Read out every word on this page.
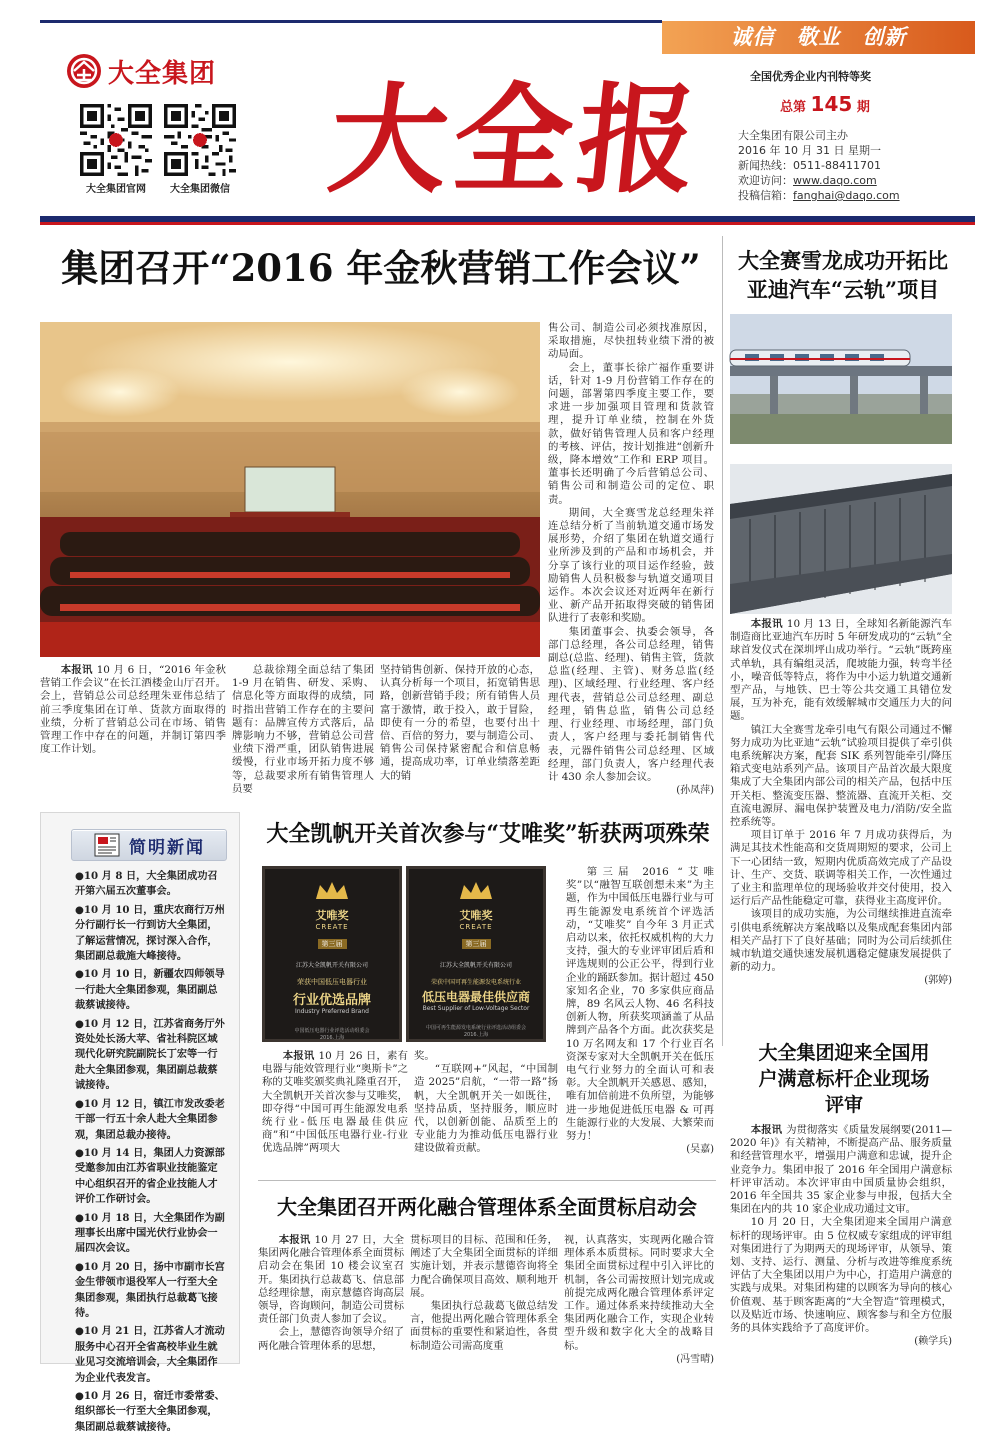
诚信　敬业　创新
大全集团
大全集团官网	大全集团微信 大全报	全国优秀企业内刊特等奖
总第 145 期
大全集团有限公司主办
2016 年 10 月 31 日 星期一
新闻热线：0511-88411701
欢迎访问：www.daqo.com
投稿信箱：fanghai@daqo.com
集团召开“2016 年金秋营销工作会议”

本报讯 10 月 6 日，“2016 年金秋营销工作会议”在长江酒楼金山厅召开。会上，营销总公司总经理朱亚伟总结了前三季度集团在订单、货款方面取得的业绩，分析了营销总公司在市场、销售管理工作中存在的问题，并制订第四季度工作计划。

总裁徐翔全面总结了集团 1-9 月在销售、研发、采购、信息化等方面取得的成绩，同时指出营销工作存在的主要问题有：品牌宣传方式落后，品牌影响力不够，营销总公司营业绩下滑严重，团队销售进展缓慢，行业市场开拓力度不够等，总裁要求所有销售管理人员要

坚持销售创新、保持开放的心态，认真分析每一个项目，拓宽销售思路，创新营销手段；所有销售人员富于激情，敢于投入，敢于冒险，即使有一分的希望，也要付出十倍、百倍的努力，要与制造公司、销售公司保持紧密配合和信息畅通，提高成功率，订单业绩落差距大的销

售公司、制造公司必须找准原因，采取措施，尽快扭转业绩下滑的被动局面。

会上，董事长徐广福作重要讲话，针对 1-9 月份营销工作存在的问题，部署第四季度主要工作，要求进一步加强项目管理和货款管理，提升订单业绩，控制在外货款，做好销售管理人员和客户经理的考核、评估，按计划推进“创新升级，降本增效”工作和 ERP 项目。董事长还明确了今后营销总公司、销售公司和制造公司的定位、职责。

期间，大全赛雪龙总经理朱祥连总结分析了当前轨道交通市场发展形势，介绍了集团在轨道交通行业所涉及到的产品和市场机会，并分享了该行业的项目运作经验，鼓励销售人员积极参与轨道交通项目运作。本次会议还对近两年在新行业、新产品开拓取得突破的销售团队进行了表彰和奖励。

集团董事会、执委会领导，各部门总经理，各公司总经理，销售副总(总监、经理)、销售主管，货款总监(经理、主管)、财务总监(经理)、区域经理、行业经理、客户经理代表，营销总公司总经理、副总经理，销售总监，销售公司总经理、行业经理、市场经理，部门负责人，客户经理与委托制销售代表，元器件销售公司总经理、区域经理，部门负责人，客户经理代表计 430 余人参加会议。

(孙凤萍)
大全赛雪龙成功开拓比亚迪汽车“云轨”项目

本报讯 10 月 13 日，全球知名新能源汽车制造商比亚迪汽车历时 5 年研发成功的“云轨”全球首发仪式在深圳坪山成功举行。“云轨”既跨座式单轨，具有编组灵活，爬坡能力强，转弯半径小，噪音低等特点，将作为中小运力轨道交通新型产品，与地铁、巴士等公共交通工具错位发展，互为补充，能有效缓解城市交通压力大的问题。

镇江大全赛雪龙牵引电气有限公司通过不懈努力成功为比亚迪“云轨”试验项目提供了牵引供电系统解决方案，配套 SIK 系列智能牵引/降压箱式变电站系列产品。该项目产品首次最大限度集成了大全集团内部公司的相关产品，包括中压开关柜、整流变压器、整流器、直流开关柜、交直流电源屏、漏电保护装置及电力/消防/安全监控系统等。

项目订单于 2016 年 7 月成功获得后，为满足其技术性能高和交货周期短的要求，公司上下一心团结一致，短期内优质高效完成了产品设计、生产、交货、联调等相关工作，一次性通过了业主和监理单位的现场验收并交付使用，投入运行后产品性能稳定可靠，获得业主高度评价。

该项目的成功实施，为公司继续推进直流牵引供电系统解决方案战略以及集成配套集团内部相关产品打下了良好基础；同时为公司后续抓住城市轨道交通快速发展机遇稳定健康发展提供了新的动力。

(郭婷)
简明新闻
●10 月 8 日，大全集团成功召开第六届五次董事会。
●10 月 10 日，重庆农商行万州分行副行长一行到访大全集团，了解运营情况，探讨深入合作，集团副总裁施大峰接待。
●10 月 10 日，新疆农四师领导一行赴大全集团参观，集团副总裁蔡诚接待。
●10 月 12 日，江苏省商务厅外资处处长汤大苹、省社科院区域现代化研究院副院长丁宏等一行赴大全集团参观，集团副总裁蔡诚接待。
●10 月 12 日，镇江市发改委老干部一行五十余人赴大全集团参观，集团总裁办接待。
●10 月 14 日，集团人力资源部受邀参加由江苏省职业技能鉴定中心组织召开的省企业技能人才评价工作研讨会。
●10 月 18 日，大全集团作为副理事长出席中国光伏行业协会一届四次会议。
●10 月 20 日，扬中市副市长宫金生带领市退役军人一行至大全集团参观，集团执行总裁葛飞接待。
●10 月 21 日，江苏省人才流动服务中心召开全省高校毕业生就业见习交流培训会，大全集团作为企业代表发言。
●10 月 26 日，宿迁市委常委、组织部长一行至大全集团参观，集团副总裁蔡诚接待。
大全凯帆开关首次参与“艾唯奖”斩获两项殊荣
艾唯奖
CREATE
第三届
江苏大全凯帆开关有限公司
荣获中国低压电器行业
行业优选品牌
Industry Preferred Brand
中国低压电器行业评选活动组委会
2016.上海
艾唯奖
CREATE
第三届
江苏大全凯帆开关有限公司
荣获中国可再生能源发电系统行业
低压电器最佳供应商
Best Supplier of Low-Voltage Sector
中国可再生能源发电系统行业评选活动组委会
2016.上海

本报讯 10 月 26 日，素有电器与能效管理行业“奥斯卡”之称的艾唯奖颁奖典礼隆重召开，大全凯帆开关首次参与艾唯奖，即夺得“中国可再生能源发电系统行业-低压电器最佳供应商”和“中国低压电器行业-行业优选品牌”两项大

奖。

“互联网+”风起，“中国制造 2025”启航，“一带一路”扬帆，大全凯帆开关一如既往，坚持品质，坚持服务，顺应时代，以创新创能、品质至上的专业能力为推动低压电器行业建设做着贡献。

第三届 2016 “艾唯奖”以“融智互联创想未来”为主题，作为中国低压电器行业与可再生能源发电系统首个评选活动，“艾唯奖” 自今年 3 月正式启动以来，依托权威机构的大力支持，强大的专业评审团后盾和评选规则的公正公平，得到行业企业的踊跃参加。据计超过 450 家知名企业，70 多家供应商品牌，89 名风云人物、46 名科技创新人物，所获奖项涵盖了从品牌到产品各个方面。此次获奖是 10 万名网友和 17 个行业百名资深专家对大全凯帆开关在低压电气行业努力的全面认可和表彰。大全凯帆开关感恩、感知，唯有加倍前进不负所望，为能够进一步地促进低压电器 & 可再生能源行业的大发展、大繁荣而努力！

(吴嘉)
大全集团迎来全国用户满意标杆企业现场评审

本报讯 为贯彻落实《质量发展纲要(2011—2020 年)》有关精神，不断提高产品、服务质量和经营管理水平，增强用户满意和忠诚，提升企业竞争力。集团申报了 2016 年全国用户满意标杆评审活动。本次评审由中国质量协会组织，2016 年全国共 35 家企业参与申报，包括大全集团在内的共 10 家企业成功通过文审。

10 月 20 日，大全集团迎来全国用户满意标杆的现场评审。由 5 位权威专家组成的评审组对集团进行了为期两天的现场评审，从领导、策划、支持、运行、测量、分析与改进等维度系统评估了大全集团以用户为中心，打造用户满意的实践与成果。对集团构建的以顾客为导向的核心价值观、基于顾客距离的“大全智造”管理模式，以及贴近市场、快速响应、顾客参与和全方位服务的具体实践给予了高度评价。

(赖学兵)
大全集团召开两化融合管理体系全面贯标启动会

本报讯 10 月 27 日，大全集团两化融合管理体系全面贯标启动会在集团 10 楼会议室召开。集团执行总裁葛飞、信息部总经理徐慧，南京慧德咨询高层领导，咨询顾问，制造公司贯标责任部门负责人参加了会议。

会上，慧德咨询领导介绍了两化融合管理体系的思想，

贯标项目的目标、范围和任务，阐述了大全集团全面贯标的详细实施计划，并表示慧德咨询将全力配合确保项目高效、顺利地开展。

集团执行总裁葛飞做总结发言，他提出两化融合管理体系全面贯标的重要性和紧迫性，各贯标制造公司需高度重

视，认真落实，实现两化融合管理体系本质贯标。同时要求大全集团全面贯标过程中引入评比的机制，各公司需按照计划完成或前提完成两化融合管理体系评定工作。通过体系来持续推动大全集团两化融合工作，实现企业转型升级和数字化大全的战略目标。

(冯雪晴)
